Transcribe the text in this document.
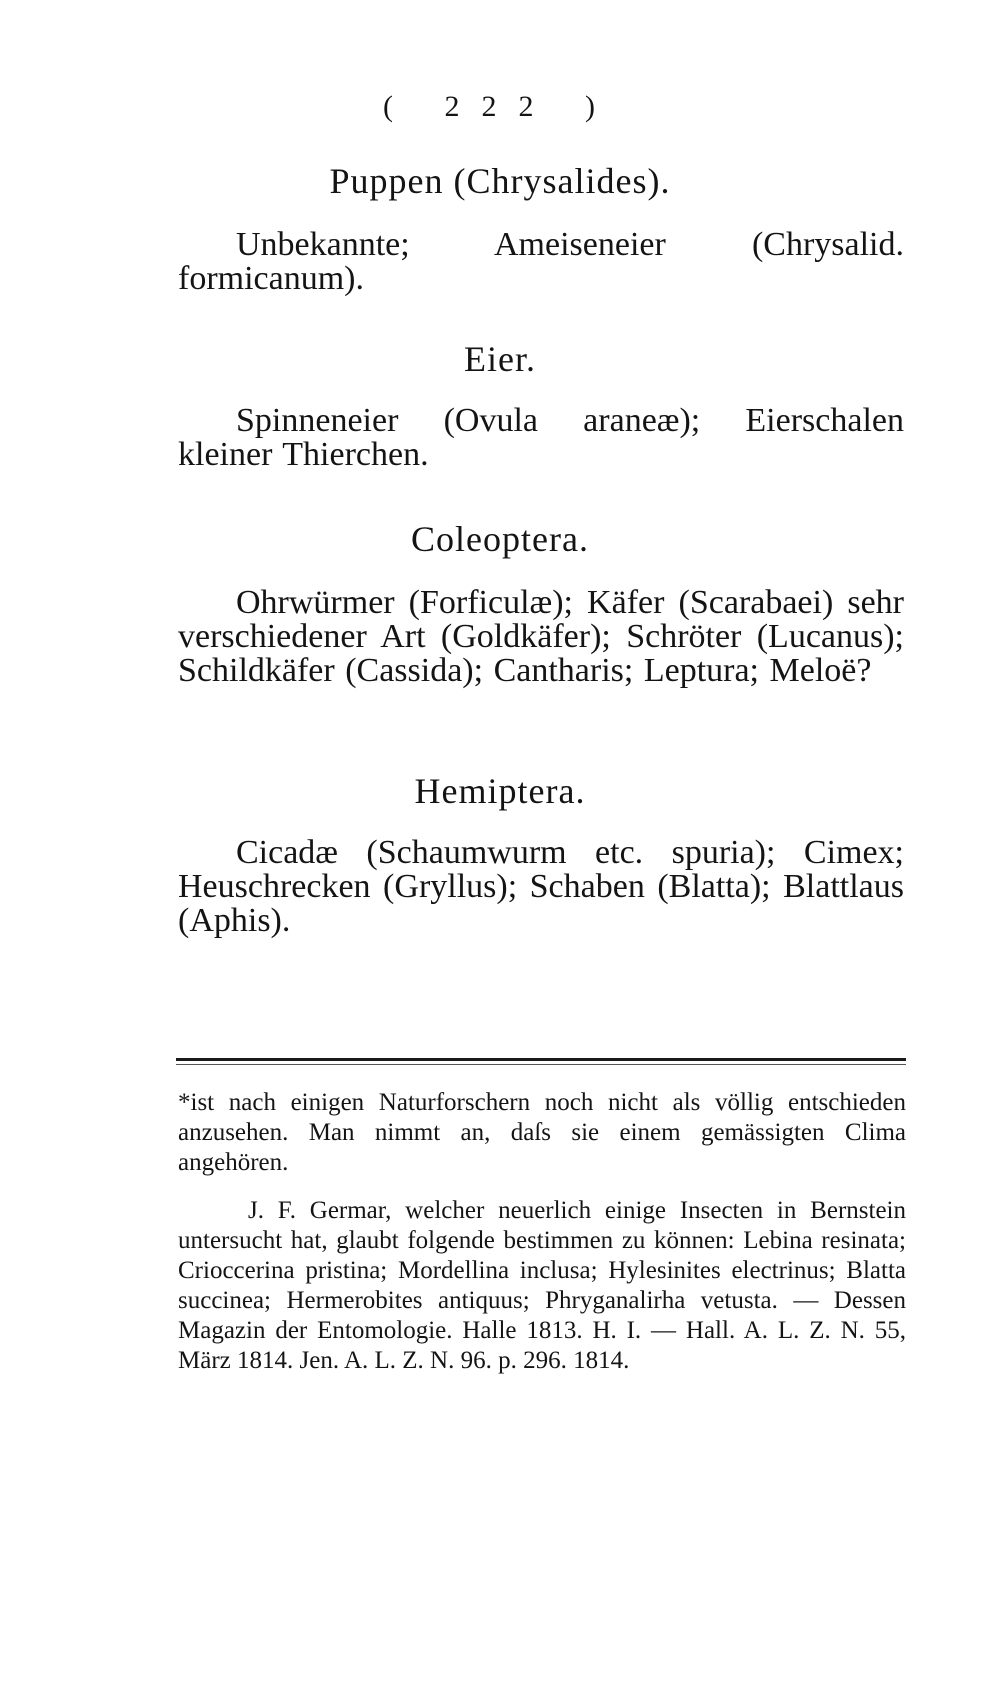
( 222 )
Puppen (Chrysalides).

Unbekannte; Ameiseneier (Chrysalid. formicanum).

Eier.

Spinneneier (Ovula araneæ); Eierschalen kleiner Thierchen.

Coleoptera.

Ohrwürmer (Forficulæ); Käfer (Scarabaei) sehr verschiedener Art (Goldkäfer); Schröter (Lucanus); Schildkäfer (Cassida); Cantharis; Leptura; Meloë?

Hemiptera.

Cicadæ (Schaumwurm etc. spuria); Cimex; Heuschrecken (Gryllus); Schaben (Blatta); Blattlaus (Aphis).

*ist nach einigen Naturforschern noch nicht als völlig entschieden anzusehen. Man nimmt an, daſs sie einem gemässigten Clima angehören.

J. F. Germar, welcher neuerlich einige Insecten in Bernstein untersucht hat, glaubt folgende bestimmen zu können: Lebina resinata; Crioccerina pristina; Mordellina inclusa; Hylesinites electrinus; Blatta succinea; Hermerobites antiquus; Phryganalirha vetusta. — Dessen Magazin der Entomologie. Halle 1813. H. I. — Hall. A. L. Z. N. 55, März 1814. Jen. A. L. Z. N. 96. p. 296. 1814.
